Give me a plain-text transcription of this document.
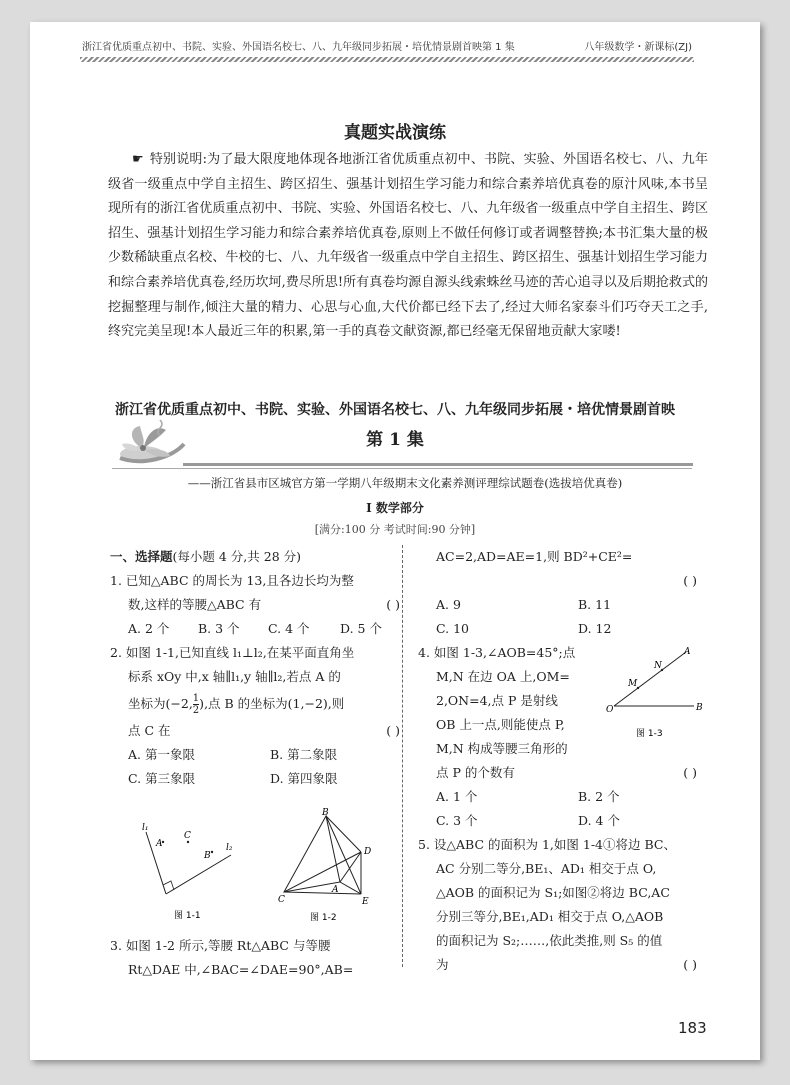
浙江省优质重点初中、书院、实验、外国语名校七、八、九年级同步拓展・培优情景剧首映第 1 集	八年级数学・新课标(ZJ)
真题实战演练
☛ 特别说明:为了最大限度地体现各地浙江省优质重点初中、书院、实验、外国语名校七、八、九年级省一级重点中学自主招生、跨区招生、强基计划招生学习能力和综合素养培优真卷的原汁风味,本书呈现所有的浙江省优质重点初中、书院、实验、外国语名校七、八、九年级省一级重点中学自主招生、跨区招生、强基计划招生学习能力和综合素养培优真卷,原则上不做任何修订或者调整替换;本书汇集大量的极少数稀缺重点名校、牛校的七、八、九年级省一级重点中学自主招生、跨区招生、强基计划招生学习能力和综合素养培优真卷,经历坎坷,费尽所思!所有真卷均源自源头线索蛛丝马迹的苦心追寻以及后期抢救式的挖掘整理与制作,倾注大量的精力、心思与心血,大代价都已经下去了,经过大师名家泰斗们巧夺天工之手,终究完美呈现!本人最近三年的积累,第一手的真卷文献资源,都已经毫无保留地贡献大家喽!
浙江省优质重点初中、书院、实验、外国语名校七、八、九年级同步拓展・培优情景剧首映
第 1 集
——浙江省县市区城官方第一学期八年级期末文化素养测评理综试题卷(选拔培优真卷)
I 数学部分
[满分:100 分 考试时间:90 分钟]

一、选择题(每小题 4 分,共 28 分)

1. 已知△ABC 的周长为 13,且各边长均为整

数,这样的等腰△ABC 有	( )

A. 2 个	B. 3 个	C. 4 个	D. 5 个

2. 如图 1-1,已知直线 l₁⊥l₂,在某平面直角坐

标系 xOy 中,x 轴∥l₁,y 轴∥l₂,若点 A 的

坐标为(−2, $\frac{1}{2}$ ),点 B 的坐标为(1,−2),则

点 C 在	( )

A. 第一象限	B. 第二象限

C. 第三象限	D. 第四象限

l₁
l₂
A
C
B
图 1-1
B
C
A
D
E
图 1-2

3. 如图 1-2 所示,等腰 Rt△ABC 与等腰

Rt△DAE 中,∠BAC=∠DAE=90°,AB=

AC=2,AD=AE=1,则 BD²+CE²=

( )

A. 9	B. 11

C. 10	D. 12

4. 如图 1-3,∠AOB=45°;点

M,N 在边 OA 上,OM=

2,ON=4,点 P 是射线

OB 上一点,则能使点 P,

M,N 构成等腰三角形的

点 P 的个数有	( )

A. 1 个	B. 2 个

C. 3 个	D. 4 个

5. 设△ABC 的面积为 1,如图 1-4①将边 BC、

AC 分别二等分,BE₁、AD₁ 相交于点 O,

△AOB 的面积记为 S₁;如图②将边 BC,AC

分别三等分,BE₁,AD₁ 相交于点 O,△AOB

的面积记为 S₂;……,依此类推,则 S₅ 的值

为	( )

O	B
A
M
N
图 1-3
183
